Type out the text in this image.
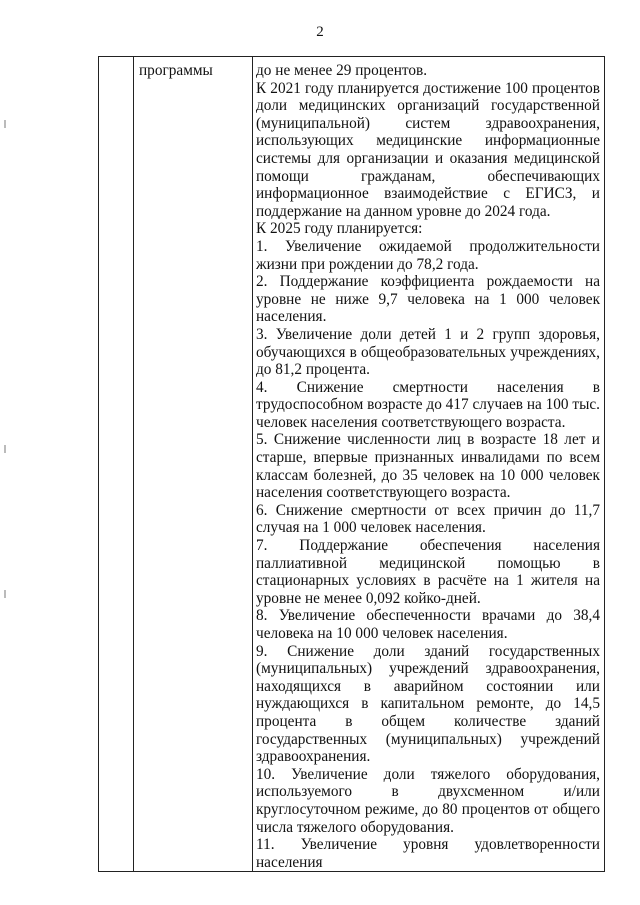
2
	программы	до не менее 29 процентов.

К 2021 году планируется достижение 100 процентов доли медицинских организаций государственной (муниципальной) систем здравоохранения, использующих медицинские информационные системы для организации и оказания медицинской помощи гражданам, обеспечивающих информационное взаимодействие с ЕГИСЗ, и поддержание на данном уровне до 2024 года.

К 2025 году планируется:

1. Увеличение ожидаемой продолжительности жизни при рождении до 78,2 года.

2. Поддержание коэффициента рождаемости на уровне не ниже 9,7 человека на 1 000 человек населения.

3. Увеличение доли детей 1 и 2 групп здоровья, обучающихся в общеобразовательных учреждениях, до 81,2 процента.

4. Снижение смертности населения в трудоспособном возрасте до 417 случаев на 100 тыс. человек населения соответствующего возраста.

5. Снижение численности лиц в возрасте 18 лет и старше, впервые признанных инвалидами по всем классам болезней, до 35 человек на 10 000 человек населения соответствующего возраста.

6. Снижение смертности от всех причин до 11,7 случая на 1 000 человек населения.

7. Поддержание обеспечения населения паллиативной медицинской помощью в стационарных условиях в расчёте на 1 жителя на уровне не менее 0,092 койко-дней.

8. Увеличение обеспеченности врачами до 38,4 человека на 10 000 человек населения.

9. Снижение доли зданий государственных (муниципальных) учреждений здравоохранения, находящихся в аварийном состоянии или нуждающихся в капитальном ремонте, до 14,5 процента в общем количестве зданий государственных (муниципальных) учреждений здравоохранения.

10. Увеличение доли тяжелого оборудования, используемого в двухсменном и/или круглосуточном режиме, до 80 процентов от общего числа тяжелого оборудования.

11. Увеличение уровня удовлетворенности населения
